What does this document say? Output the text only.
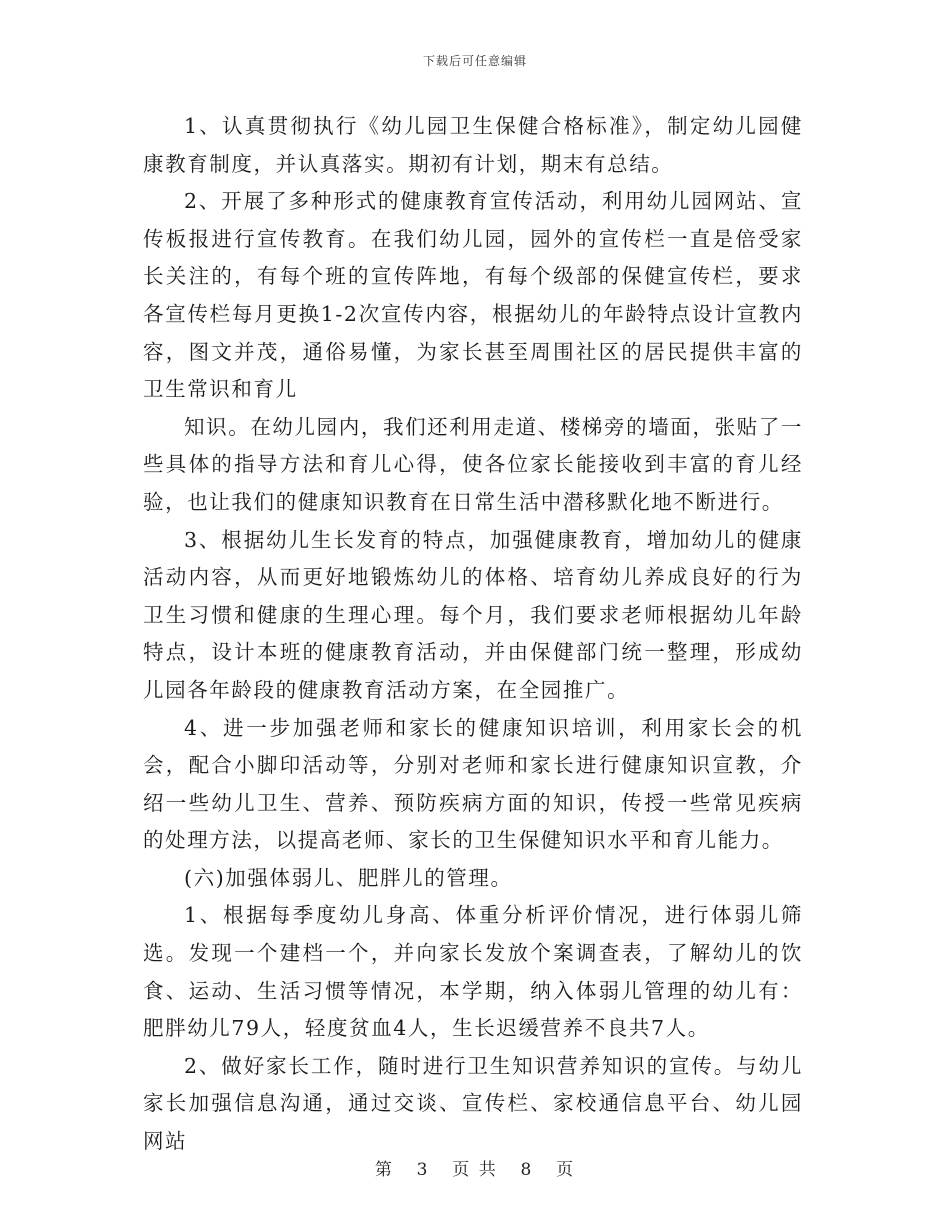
下载后可任意编辑

1、认真贯彻执行《幼儿园卫生保健合格标准》，制定幼儿园健康教育制度，并认真落实。期初有计划，期末有总结。

2、开展了多种形式的健康教育宣传活动，利用幼儿园网站、宣传板报进行宣传教育。在我们幼儿园，园外的宣传栏一直是倍受家长关注的，有每个班的宣传阵地，有每个级部的保健宣传栏，要求各宣传栏每月更换1-2次宣传内容，根据幼儿的年龄特点设计宣教内容，图文并茂，通俗易懂，为家长甚至周围社区的居民提供丰富的卫生常识和育儿

知识。在幼儿园内，我们还利用走道、楼梯旁的墙面，张贴了一些具体的指导方法和育儿心得，使各位家长能接收到丰富的育儿经验，也让我们的健康知识教育在日常生活中潜移默化地不断进行。

3、根据幼儿生长发育的特点，加强健康教育，增加幼儿的健康活动内容，从而更好地锻炼幼儿的体格、培育幼儿养成良好的行为卫生习惯和健康的生理心理。每个月，我们要求老师根据幼儿年龄特点，设计本班的健康教育活动，并由保健部门统一整理，形成幼儿园各年龄段的健康教育活动方案，在全园推广。

4、进一步加强老师和家长的健康知识培训，利用家长会的机会，配合小脚印活动等，分别对老师和家长进行健康知识宣教，介绍一些幼儿卫生、营养、预防疾病方面的知识，传授一些常见疾病的处理方法，以提高老师、家长的卫生保健知识水平和育儿能力。

(六)加强体弱儿、肥胖儿的管理。

1、根据每季度幼儿身高、体重分析评价情况，进行体弱儿筛选。发现一个建档一个，并向家长发放个案调查表，了解幼儿的饮食、运动、生活习惯等情况，本学期，纳入体弱儿管理的幼儿有：肥胖幼儿79人，轻度贫血4人，生长迟缓营养不良共7人。

2、做好家长工作，随时进行卫生知识营养知识的宣传。与幼儿家长加强信息沟通，通过交谈、宣传栏、家校通信息平台、幼儿园网站

第 3 页 共 8 页
